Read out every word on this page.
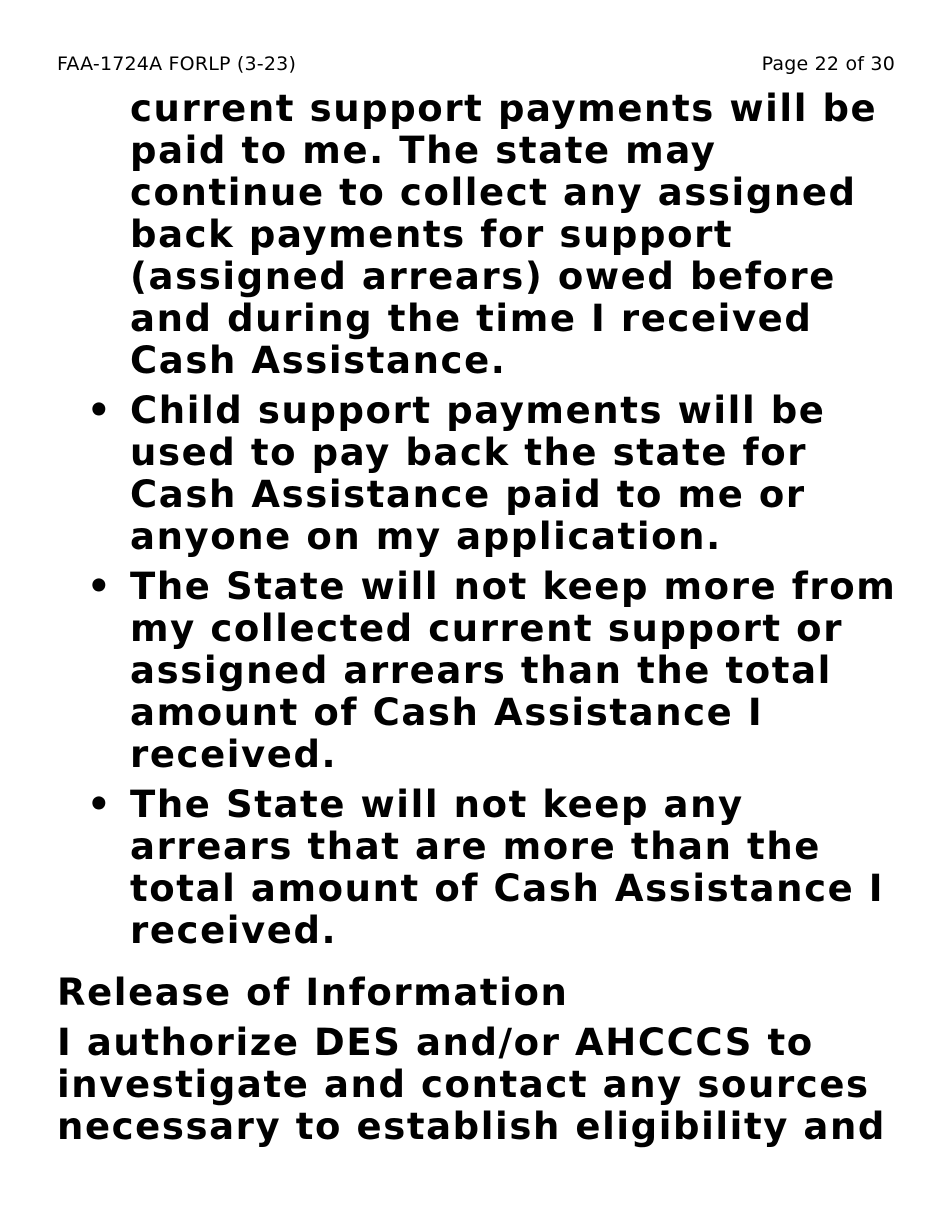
FAA-1724A FORLP (3-23)	Page 22 of 30

current support payments will be paid to me. The state may continue to collect any assigned back payments for support (assigned arrears) owed before and during the time I received Cash Assistance.

• Child support payments will be used to pay back the state for Cash Assistance paid to me or anyone on my application.
• The State will not keep more from my collected current support or assigned arrears than the total amount of Cash Assistance I received.
• The State will not keep any arrears that are more than the total amount of Cash Assistance I received.
Release of Information

I authorize DES and/or AHCCCS to investigate and contact any sources necessary to establish eligibility and
